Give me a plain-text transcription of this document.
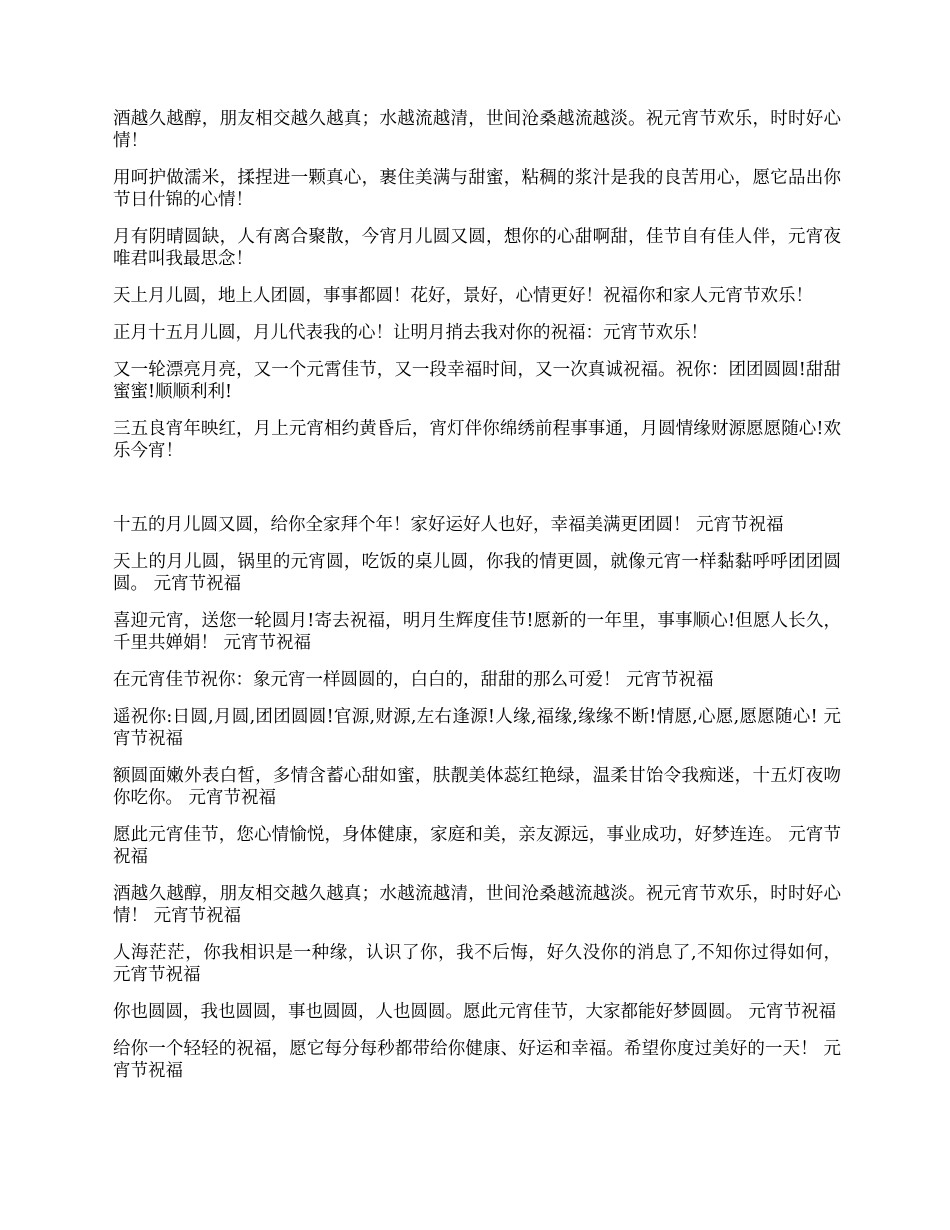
酒越久越醇，朋友相交越久越真；水越流越清，世间沧桑越流越淡。祝元宵节欢乐，时时好心情！

用呵护做濡米，揉捏进一颗真心，裹住美满与甜蜜，粘稠的浆汁是我的良苦用心，愿它品出你节日什锦的心情！

月有阴晴圆缺，人有离合聚散，今宵月儿圆又圆，想你的心甜啊甜，佳节自有佳人伴，元宵夜唯君叫我最思念！

天上月儿圆，地上人团圆，事事都圆！花好，景好，心情更好！祝福你和家人元宵节欢乐！

正月十五月儿圆，月儿代表我的心！让明月捎去我对你的祝福：元宵节欢乐！

又一轮漂亮月亮，又一个元霄佳节，又一段幸福时间，又一次真诚祝福。祝你：团团圆圆!甜甜蜜蜜!顺顺利利!

三五良宵年映红，月上元宵相约黄昏后，宵灯伴你绵绣前程事事通，月圆情缘财源愿愿随心!欢乐今宵！

十五的月儿圆又圆，给你全家拜个年！家好运好人也好，幸福美满更团圆！ 元宵节祝福

天上的月儿圆，锅里的元宵圆，吃饭的桌儿圆，你我的情更圆，就像元宵一样黏黏呼呼团团圆圆。 元宵节祝福

喜迎元宵，送您一轮圆月!寄去祝福，明月生辉度佳节!愿新的一年里，事事顺心!但愿人长久，千里共婵娟！ 元宵节祝福

在元宵佳节祝你：象元宵一样圆圆的，白白的，甜甜的那么可爱！ 元宵节祝福

遥祝你:日圆,月圆,团团圆圆!官源,财源,左右逢源!人缘,福缘,缘缘不断!情愿,心愿,愿愿随心! 元宵节祝福

额圆面嫩外表白皙，多情含蓄心甜如蜜，肤靓美体蕊红艳绿，温柔甘饴令我痴迷，十五灯夜吻你吃你。 元宵节祝福

愿此元宵佳节，您心情愉悦，身体健康，家庭和美，亲友源远，事业成功，好梦连连。 元宵节祝福

酒越久越醇，朋友相交越久越真；水越流越清，世间沧桑越流越淡。祝元宵节欢乐，时时好心情！ 元宵节祝福

人海茫茫，你我相识是一种缘，认识了你，我不后悔，好久没你的消息了,不知你过得如何， 元宵节祝福

你也圆圆，我也圆圆，事也圆圆，人也圆圆。愿此元宵佳节，大家都能好梦圆圆。 元宵节祝福

给你一个轻轻的祝福，愿它每分每秒都带给你健康、好运和幸福。希望你度过美好的一天！ 元宵节祝福
